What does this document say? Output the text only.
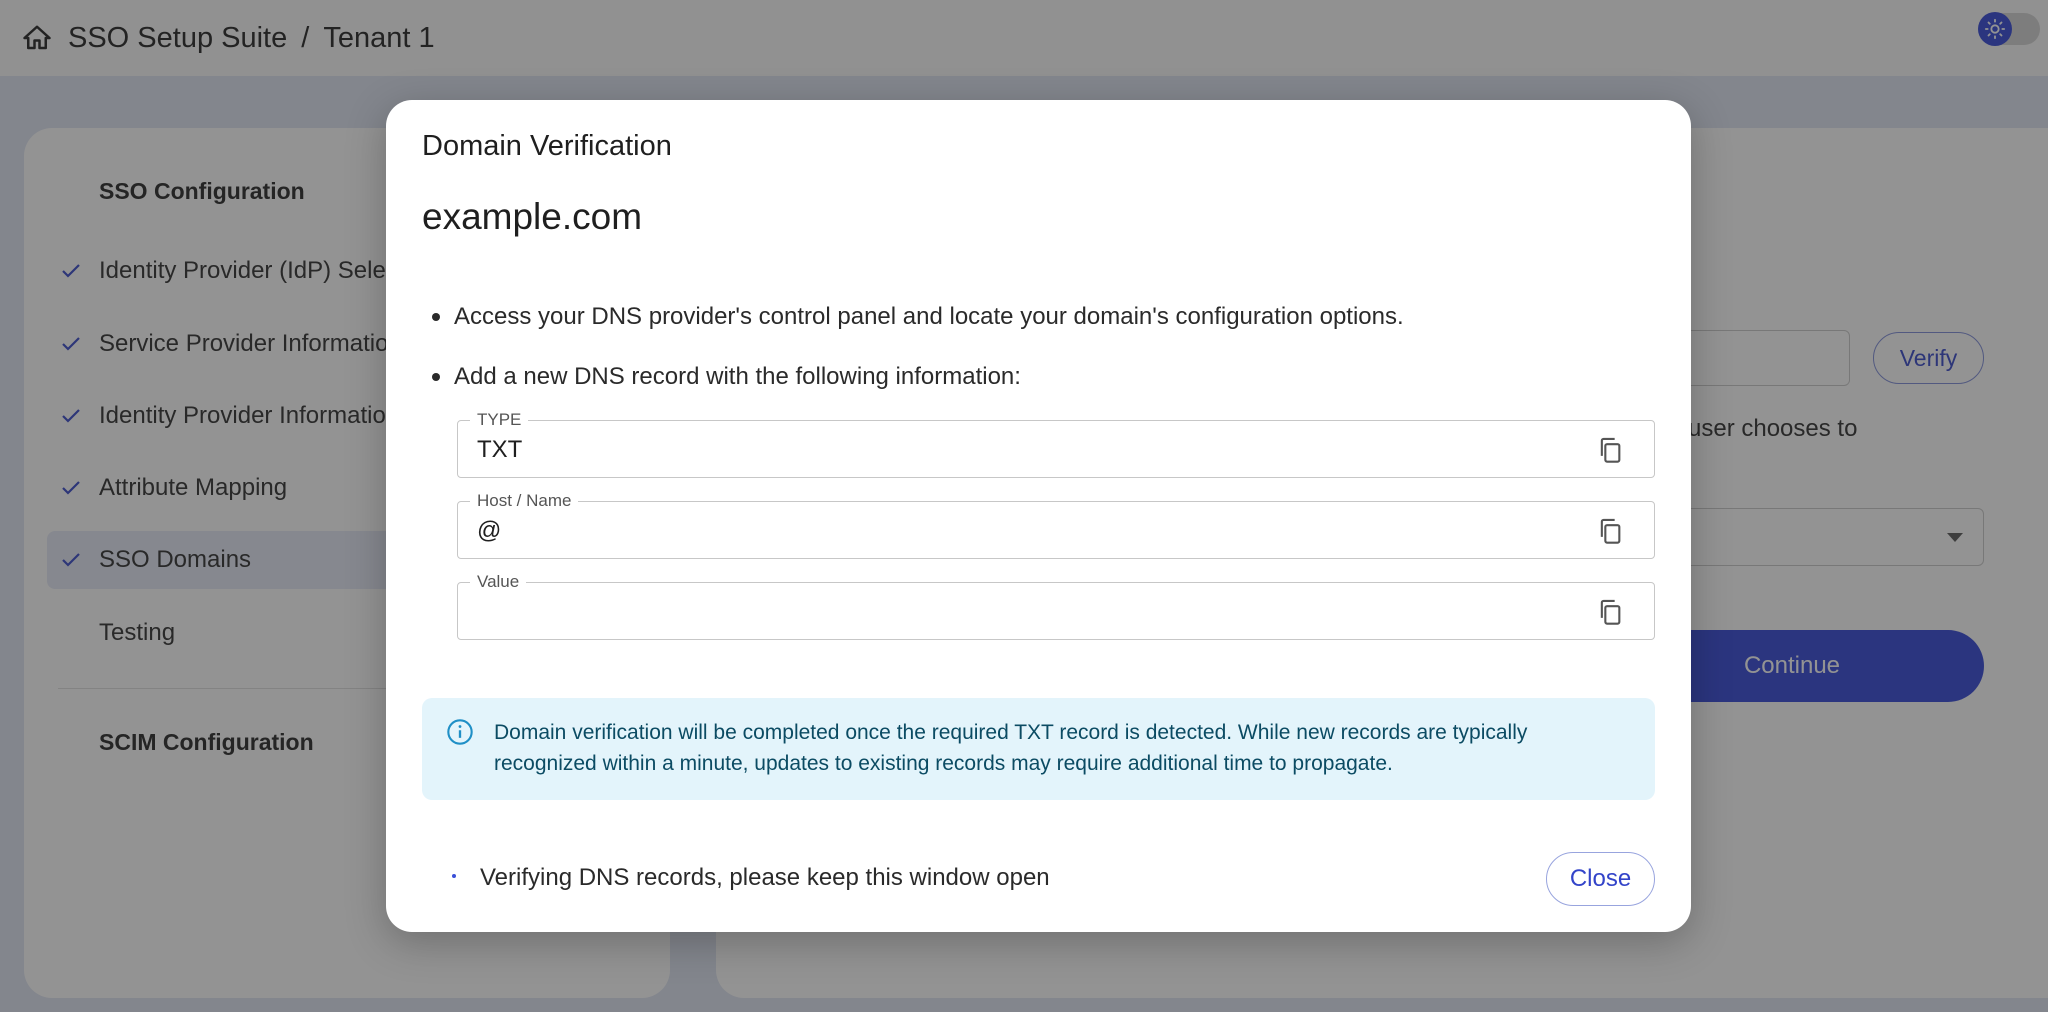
Domain Verification
example.com
Access your DNS provider's control panel and locate your domain's configuration options.
Add a new DNS record with the following information:
TYPE
TXT
Host / Name
@
Value
Domain verification will be completed once the required TXT record is detected. While new records are typically recognized within a minute, updates to existing records may require additional time to propagate.
Verifying DNS records, please keep this window open	Close
